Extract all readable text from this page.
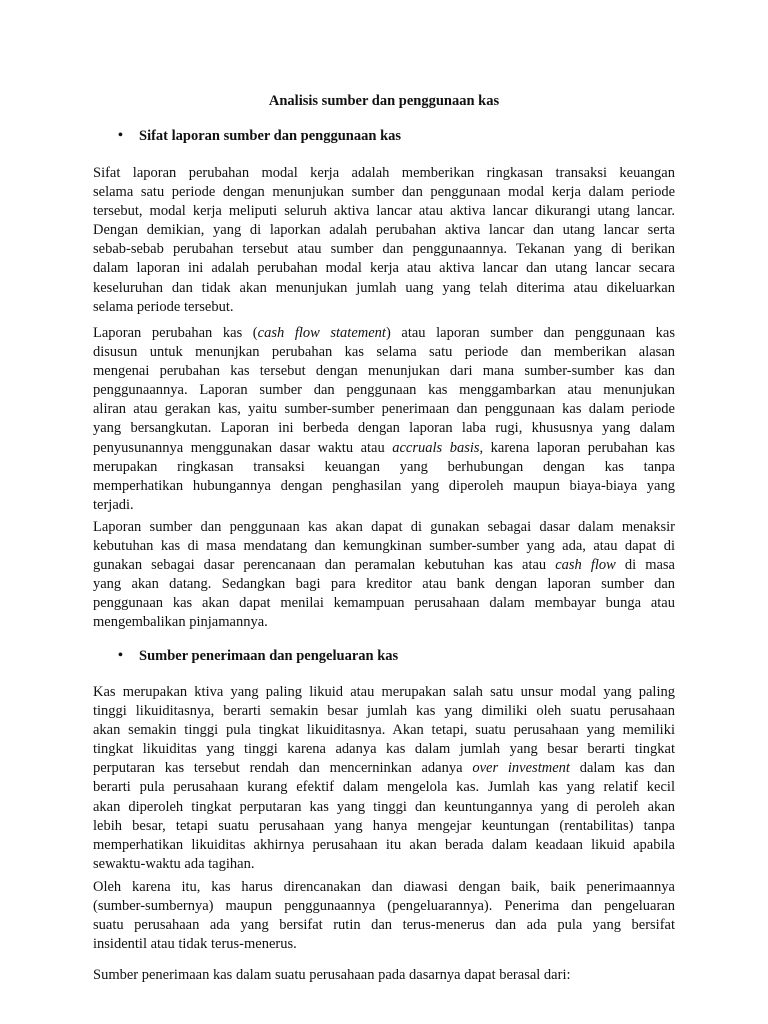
Analisis sumber dan penggunaan kas
• Sifat laporan sumber dan penggunaan kas
Sifat laporan perubahan modal kerja adalah memberikan ringkasan transaksi keuangan
selama satu periode dengan menunjukan sumber dan penggunaan modal kerja dalam periode
tersebut, modal kerja meliputi seluruh aktiva lancar atau aktiva lancar dikurangi utang lancar.
Dengan demikian, yang di laporkan adalah perubahan aktiva lancar dan utang lancar serta
sebab-sebab perubahan tersebut atau sumber dan penggunaannya. Tekanan yang di berikan
dalam laporan ini adalah perubahan modal kerja atau aktiva lancar dan utang lancar secara
keseluruhan dan tidak akan menunjukan jumlah uang yang telah diterima atau dikeluarkan
selama periode tersebut.
Laporan perubahan kas (cash flow statement) atau laporan sumber dan penggunaan kas
disusun untuk menunjkan perubahan kas selama satu periode dan memberikan alasan
mengenai perubahan kas tersebut dengan menunjukan dari mana sumber-sumber kas dan
penggunaannya. Laporan sumber dan penggunaan kas menggambarkan atau menunjukan
aliran atau gerakan kas, yaitu sumber-sumber penerimaan dan penggunaan kas dalam periode
yang bersangkutan. Laporan ini berbeda dengan laporan laba rugi, khususnya yang dalam
penyusunannya menggunakan dasar waktu atau accruals basis, karena laporan perubahan kas
merupakan ringkasan transaksi keuangan yang berhubungan dengan kas tanpa
memperhatikan hubungannya dengan penghasilan yang diperoleh maupun biaya-biaya yang
terjadi.
Laporan sumber dan penggunaan kas akan dapat di gunakan sebagai dasar dalam menaksir
kebutuhan kas di masa mendatang dan kemungkinan sumber-sumber yang ada, atau dapat di
gunakan sebagai dasar perencanaan dan peramalan kebutuhan kas atau cash flow di masa
yang akan datang. Sedangkan bagi para kreditor atau bank dengan laporan sumber dan
penggunaan kas akan dapat menilai kemampuan perusahaan dalam membayar bunga atau
mengembalikan pinjamannya.
• Sumber penerimaan dan pengeluaran kas
Kas merupakan ktiva yang paling likuid atau merupakan salah satu unsur modal yang paling
tinggi likuiditasnya, berarti semakin besar jumlah kas yang dimiliki oleh suatu perusahaan
akan semakin tinggi pula tingkat likuiditasnya. Akan tetapi, suatu perusahaan yang memiliki
tingkat likuiditas yang tinggi karena adanya kas dalam jumlah yang besar berarti tingkat
perputaran kas tersebut rendah dan mencerninkan adanya over investment dalam kas dan
berarti pula perusahaan kurang efektif dalam mengelola kas. Jumlah kas yang relatif kecil
akan diperoleh tingkat perputaran kas yang tinggi dan keuntungannya yang di peroleh akan
lebih besar, tetapi suatu perusahaan yang hanya mengejar keuntungan (rentabilitas) tanpa
memperhatikan likuiditas akhirnya perusahaan itu akan berada dalam keadaan likuid apabila
sewaktu-waktu ada tagihan.
Oleh karena itu, kas harus direncanakan dan diawasi dengan baik, baik penerimaannya
(sumber-sumbernya) maupun penggunaannya (pengeluarannya). Penerima dan pengeluaran
suatu perusahaan ada yang bersifat rutin dan terus-menerus dan ada pula yang bersifat
insidentil atau tidak terus-menerus.
Sumber penerimaan kas dalam suatu perusahaan pada dasarnya dapat berasal dari:
